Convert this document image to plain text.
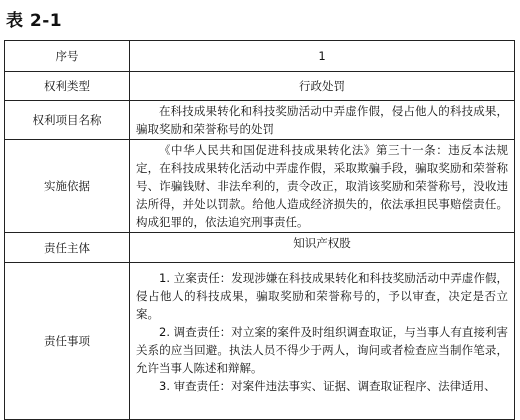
表 2-1
序号	1
权利类型	行政处罚
权利项目名称	在科技成果转化和科技奖励活动中弄虚作假，侵占他人的科技成果，骗取奖励和荣誉称号的处罚
实施依据	《中华人民共和国促进科技成果转化法》第三十一条：违反本法规定，在科技成果转化活动中弄虚作假，采取欺骗手段，骗取奖励和荣誉称号、诈骗钱财、非法牟利的，责令改正，取消该奖励和荣誉称号，没收违法所得，并处以罚款。给他人造成经济损失的，依法承担民事赔偿责任。构成犯罪的，依法追究刑事责任。
责任主体	知识产权股
责任事项	1. 立案责任：发现涉嫌在科技成果转化和科技奖励活动中弄虚作假，侵占他人的科技成果，骗取奖励和荣誉称号的，予以审查，决定是否立案。

2. 调查责任：对立案的案件及时组织调查取证，与当事人有直接利害关系的应当回避。执法人员不得少于两人，询问或者检查应当制作笔录，允许当事人陈述和辩解。

3. 审查责任：对案件违法事实、证据、调查取证程序、法律适用、
